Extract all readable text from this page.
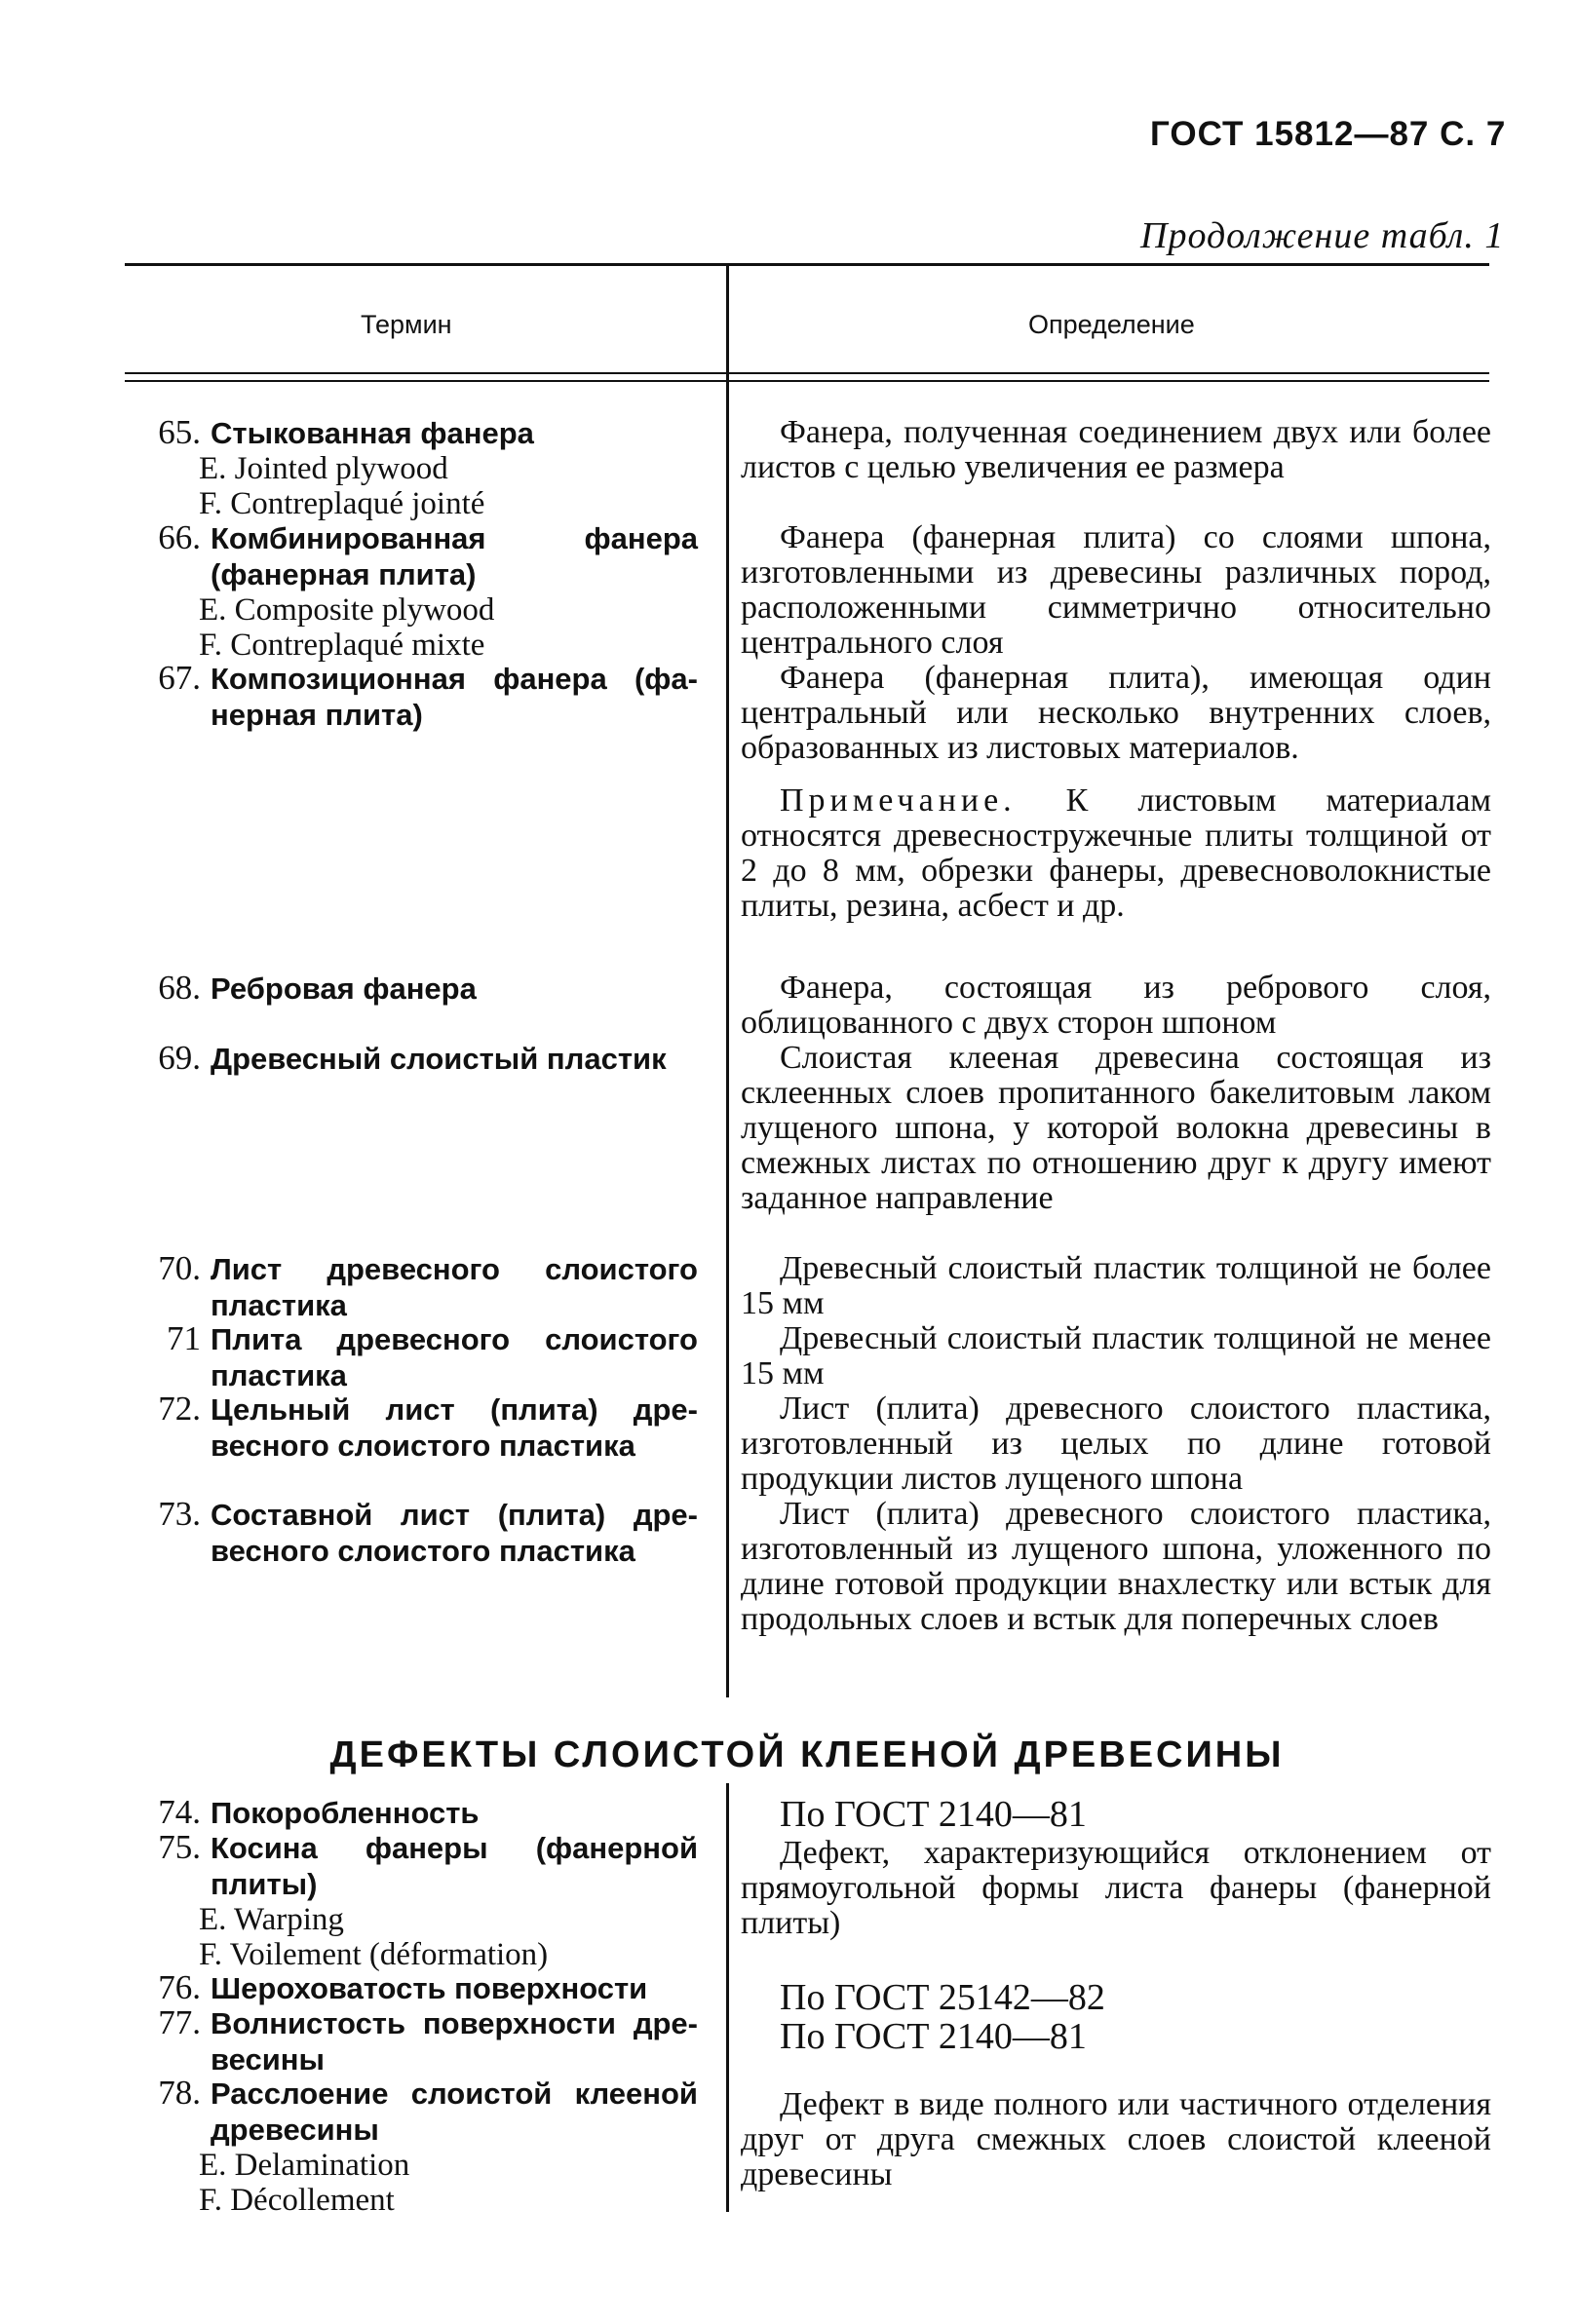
ГОСТ 15812—87 С. 7
Продолжение табл. 1
Термин	Определение
65. Стыкованная фанера
E. Jointed plywood
F. Contreplaqué jointé
66. Комбинированная фанера
(фанерная плита)
E. Composite plywood
F. Contreplaqué mixte
67. Композиционная фанера (фа-
нерная плита)
68. Ребровая фанера
69. Древесный слоистый пластик
70. Лист древесного слоистого
пластика
71 Плита древесного слоистого
пластика
72. Цельный лист (плита) дре-
весного слоистого пластика
73. Составной лист (плита) дре-
весного слоистого пластика

Фанера, полученная соединением двух или более листов с целью увеличения ее размера

Фанера (фанерная плита) со слоями шпона, изготовленными из древесины различных пород, расположенными симметрично относительно центрального слоя

Фанера (фанерная плита), имеющая один центральный или несколько внутренних слоев, образованных из листовых материалов.

Примечание. К листовым материалам относятся древесностружечные плиты толщиной от 2 до 8 мм, обрезки фанеры, древесноволокнистые плиты, резина, асбест и др.

Фанера, состоящая из ребрового слоя, облицованного с двух сторон шпоном

Слоистая клееная древесина состоящая из склеенных слоев пропитанного бакелитовым лаком лущеного шпона, у которой волокна древесины в смежных листах по отношению друг к другу имеют заданное направление

Древесный слоистый пластик толщиной не более 15 мм

Древесный слоистый пластик толщиной не менее 15 мм

Лист (плита) древесного слоистого пластика, изготовленный из целых по длине готовой продукции листов лущеного шпона

Лист (плита) древесного слоистого пластика, изготовленный из лущеного шпона, уложенного по длине готовой продукции внахлестку или встык для продольных слоев и встык для поперечных слоев

ДЕФЕКТЫ СЛОИСТОЙ КЛЕЕНОЙ ДРЕВЕСИНЫ
74. Покоробленность
75. Косина фанеры (фанерной
плиты)
E. Warping
F. Voilement (déformation)
76. Шероховатость поверхности
77. Волнистость поверхности дре-
весины
78. Расслоение слоистой клееной
древесины
E. Delamination
F. Décollement

По ГОСТ 2140—81

Дефект, характеризующийся отклонением от прямоугольной формы листа фанеры (фанерной плиты)

По ГОСТ 25142—82

По ГОСТ 2140—81

Дефект в виде полного или частичного отделения друг от друга смежных слоев слоистой клееной древесины
